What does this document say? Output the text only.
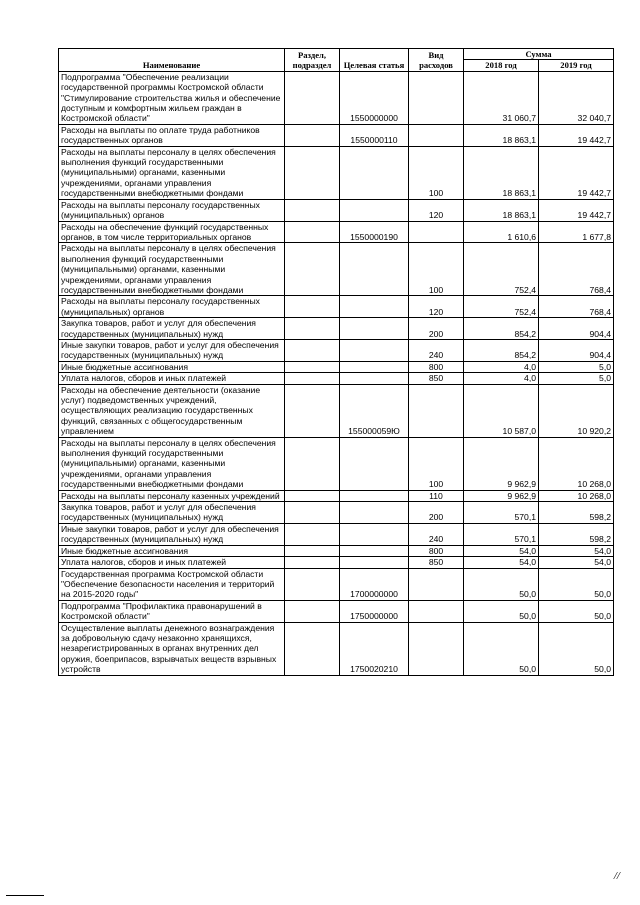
Наименование	Раздел, подраздел	Целевая статья	Вид расходов	Сумма	
				2018 год	2019 год
Подпрограмма "Обеспечение реализации государственной программы Костромской области "Стимулирование строительства жилья и обеспечение доступным и комфортным жильем граждан в Костромской области"		1550000000		31 060,7	32 040,7
Расходы на выплаты по оплате труда работников государственных органов		1550000110		18 863,1	19 442,7
Расходы на выплаты персоналу в целях обеспечения выполнения функций государственными (муниципальными) органами, казенными учреждениями, органами управления государственными внебюджетными фондами			100	18 863,1	19 442,7
Расходы на выплаты персоналу государственных (муниципальных) органов			120	18 863,1	19 442,7
Расходы на обеспечение функций государственных органов, в том числе территориальных органов		1550000190		1 610,6	1 677,8
Расходы на выплаты персоналу в целях обеспечения выполнения функций государственными (муниципальными) органами, казенными учреждениями, органами управления государственными внебюджетными фондами			100	752,4	768,4
Расходы на выплаты персоналу государственных (муниципальных) органов			120	752,4	768,4
Закупка товаров, работ и услуг для обеспечения государственных (муниципальных) нужд			200	854,2	904,4
Иные закупки товаров, работ и услуг для обеспечения государственных (муниципальных) нужд			240	854,2	904,4
Иные бюджетные ассигнования			800	4,0	5,0
Уплата налогов, сборов и иных платежей			850	4,0	5,0
Расходы на обеспечение деятельности (оказание услуг) подведомственных учреждений, осуществляющих реализацию государственных функций, связанных с общегосударственным управлением		155000059Ю		10 587,0	10 920,2
Расходы на выплаты персоналу в целях обеспечения выполнения функций государственными (муниципальными) органами, казенными учреждениями, органами управления государственными внебюджетными фондами			100	9 962,9	10 268,0
Расходы на выплаты персоналу казенных учреждений			110	9 962,9	10 268,0
Закупка товаров, работ и услуг для обеспечения государственных (муниципальных) нужд			200	570,1	598,2
Иные закупки товаров, работ и услуг для обеспечения государственных (муниципальных) нужд			240	570,1	598,2
Иные бюджетные ассигнования			800	54,0	54,0
Уплата налогов, сборов и иных платежей			850	54,0	54,0
Государственная программа Костромской области "Обеспечение безопасности населения и территорий на 2015-2020 годы"		1700000000		50,0	50,0
Подпрограмма "Профилактика правонарушений в Костромской области"		1750000000		50,0	50,0
Осуществление выплаты денежного вознаграждения за добровольную сдачу незаконно хранящихся, незарегистрированных в органах внутренних дел оружия, боеприпасов, взрывчатых веществ взрывных устройств		1750020210		50,0	50,0
//
